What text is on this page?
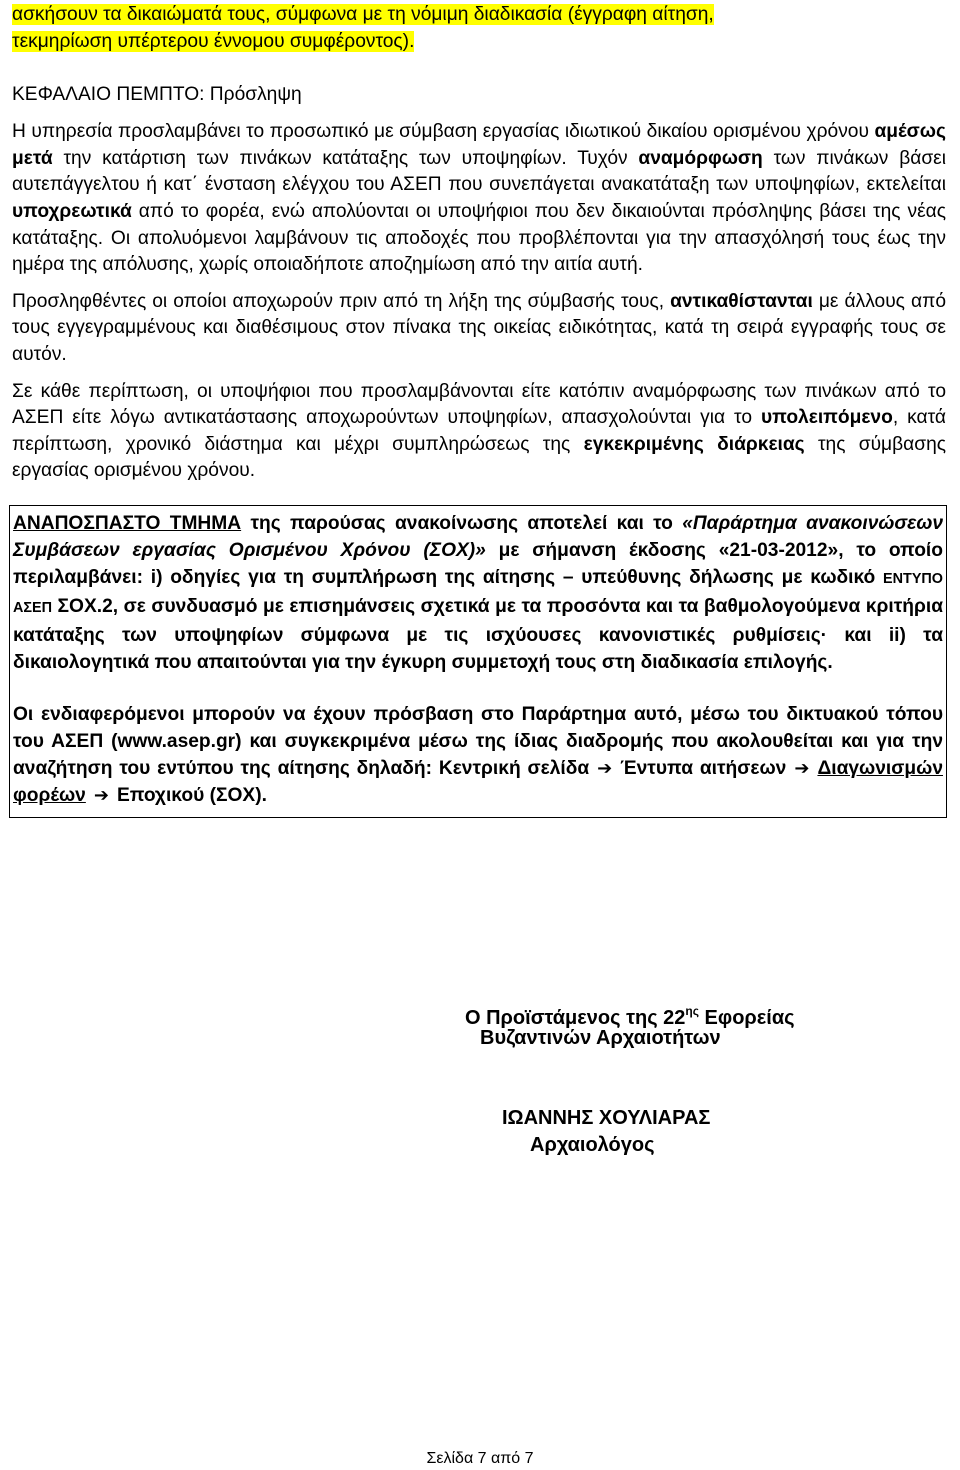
ασκήσουν τα δικαιώματά τους, σύμφωνα με τη νόμιμη διαδικασία (έγγραφη αίτηση,
τεκμηρίωση υπέρτερου έννομου συμφέροντος).

ΚΕΦΑΛΑΙΟ ΠΕΜΠΤΟ: Πρόσληψη

Η υπηρεσία προσλαμβάνει το προσωπικό με σύμβαση εργασίας ιδιωτικού δικαίου ορισμένου χρόνου αμέσως μετά την κατάρτιση των πινάκων κατάταξης των υποψηφίων. Τυχόν αναμόρφωση των πινάκων βάσει αυτεπάγγελτου ή κατ΄ ένσταση ελέγχου του ΑΣΕΠ που συνεπάγεται ανακατάταξη των υποψηφίων, εκτελείται υποχρεωτικά από το φορέα, ενώ απολύονται οι υποψήφιοι που δεν δικαιούνται πρόσληψης βάσει της νέας κατάταξης. Οι απολυόμενοι λαμβάνουν τις αποδοχές που προβλέπονται για την απασχόλησή τους έως την ημέρα της απόλυσης, χωρίς οποιαδήποτε αποζημίωση από την αιτία αυτή.

Προσληφθέντες οι οποίοι αποχωρούν πριν από τη λήξη της σύμβασής τους, αντικαθίστανται με άλλους από τους εγγεγραμμένους και διαθέσιμους στον πίνακα της οικείας ειδικότητας, κατά τη σειρά εγγραφής τους σε αυτόν.

Σε κάθε περίπτωση, οι υποψήφιοι που προσλαμβάνονται είτε κατόπιν αναμόρφωσης των πινάκων από το ΑΣΕΠ είτε λόγω αντικατάστασης αποχωρούντων υποψηφίων, απασχολούνται για το υπολειπόμενο, κατά περίπτωση, χρονικό διάστημα και μέχρι συμπληρώσεως της εγκεκριμένης διάρκειας της σύμβασης εργασίας ορισμένου χρόνου.

ΑΝΑΠΟΣΠΑΣΤΟ ΤΜΗΜΑ της παρούσας ανακοίνωσης αποτελεί και το «Παράρτημα ανακοινώσεων Συμβάσεων εργασίας Ορισμένου Χρόνου (ΣΟΧ)» με σήμανση έκδοσης «21-03-2012», το οποίο περιλαμβάνει: i) οδηγίες για τη συμπλήρωση της αίτησης – υπεύθυνης δήλωσης με κωδικό ΕΝΤΥΠΟ ΑΣΕΠ ΣΟΧ.2, σε συνδυασμό με επισημάνσεις σχετικά με τα προσόντα και τα βαθμολογούμενα κριτήρια κατάταξης των υποψηφίων σύμφωνα με τις ισχύουσες κανονιστικές ρυθμίσεις· και ii) τα δικαιολογητικά που απαιτούνται για την έγκυρη συμμετοχή τους στη διαδικασία επιλογής.

Οι ενδιαφερόμενοι μπορούν να έχουν πρόσβαση στο Παράρτημα αυτό, μέσω του δικτυακού τόπου του ΑΣΕΠ (www.asep.gr) και συγκεκριμένα μέσω της ίδιας διαδρομής που ακολουθείται και για την αναζήτηση του εντύπου της αίτησης δηλαδή: Κεντρική σελίδα ➔ Έντυπα αιτήσεων ➔ Διαγωνισμών φορέων ➔ Εποχικού (ΣΟΧ).

Ο Προϊστάμενος της $22^{\eta\varsigma}$ Εφορείας
Βυζαντινών Αρχαιοτήτων
ΙΩΑΝΝΗΣ ΧΟΥΛΙΑΡΑΣ
Αρχαιολόγος
Σελίδα 7 από 7
